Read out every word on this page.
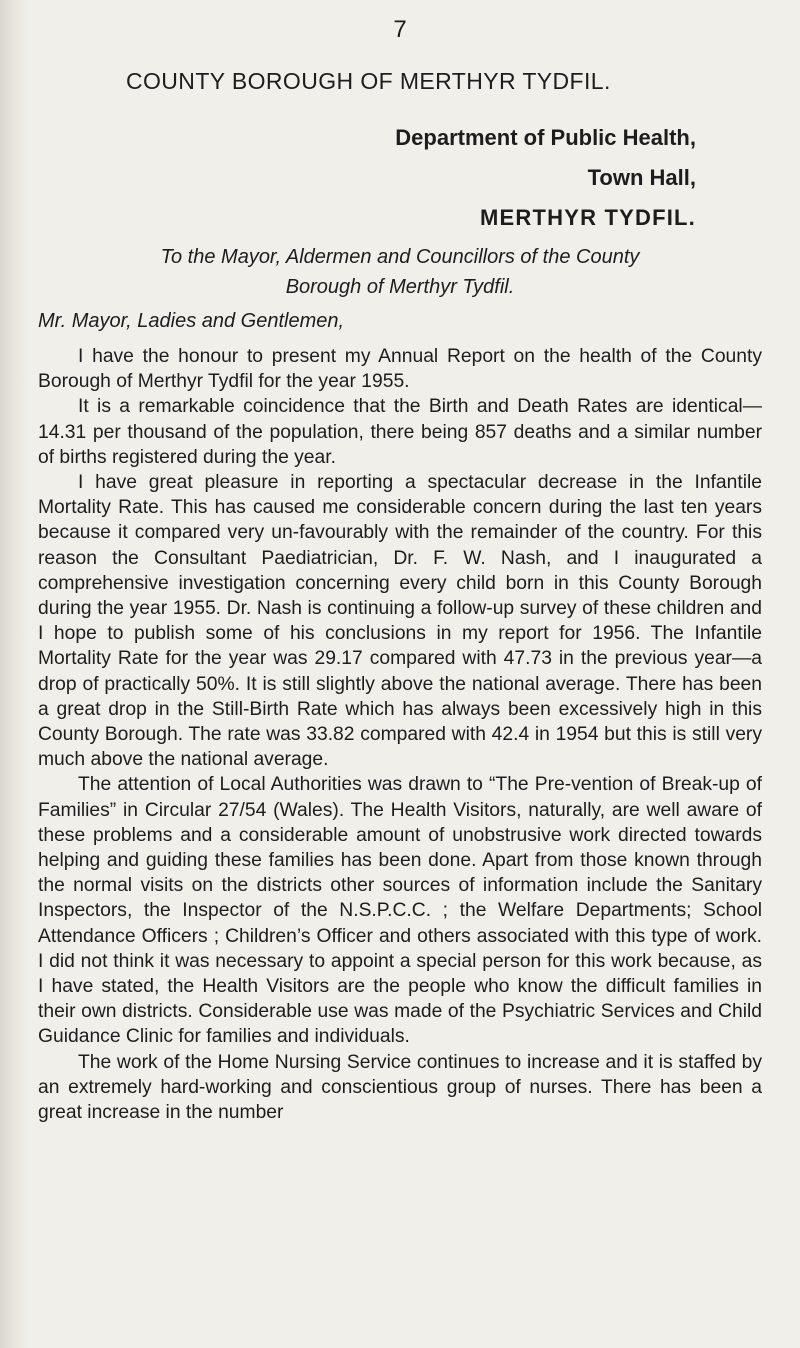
7
COUNTY BOROUGH OF MERTHYR TYDFIL.
Department of Public Health,
Town Hall,
MERTHYR TYDFIL.
To the Mayor, Aldermen and Councillors of the County
Borough of Merthyr Tydfil.
Mr. Mayor, Ladies and Gentlemen,

I have the honour to present my Annual Report on the health of the County Borough of Merthyr Tydfil for the year 1955.

It is a remarkable coincidence that the Birth and Death Rates are identical—14.31 per thousand of the population, there being 857 deaths and a similar number of births registered during the year.

I have great pleasure in reporting a spectacular decrease in the Infantile Mortality Rate. This has caused me considerable concern during the last ten years because it compared very un-favourably with the remainder of the country. For this reason the Consultant Paediatrician, Dr. F. W. Nash, and I inaugurated a comprehensive investigation concerning every child born in this County Borough during the year 1955. Dr. Nash is continuing a follow-up survey of these children and I hope to publish some of his conclusions in my report for 1956. The Infantile Mortality Rate for the year was 29.17 compared with 47.73 in the previous year—a drop of practically 50%. It is still slightly above the national average. There has been a great drop in the Still-Birth Rate which has always been excessively high in this County Borough. The rate was 33.82 compared with 42.4 in 1954 but this is still very much above the national average.

The attention of Local Authorities was drawn to “The Pre-vention of Break-up of Families” in Circular 27/54 (Wales). The Health Visitors, naturally, are well aware of these problems and a considerable amount of unobstrusive work directed towards helping and guiding these families has been done. Apart from those known through the normal visits on the districts other sources of information include the Sanitary Inspectors, the Inspector of the N.S.P.C.C. ; the Welfare Departments; School Attendance Officers ; Children’s Officer and others associated with this type of work. I did not think it was necessary to appoint a special person for this work because, as I have stated, the Health Visitors are the people who know the difficult families in their own districts. Considerable use was made of the Psychiatric Services and Child Guidance Clinic for families and individuals.

The work of the Home Nursing Service continues to increase and it is staffed by an extremely hard-working and conscientious group of nurses. There has been a great increase in the number
